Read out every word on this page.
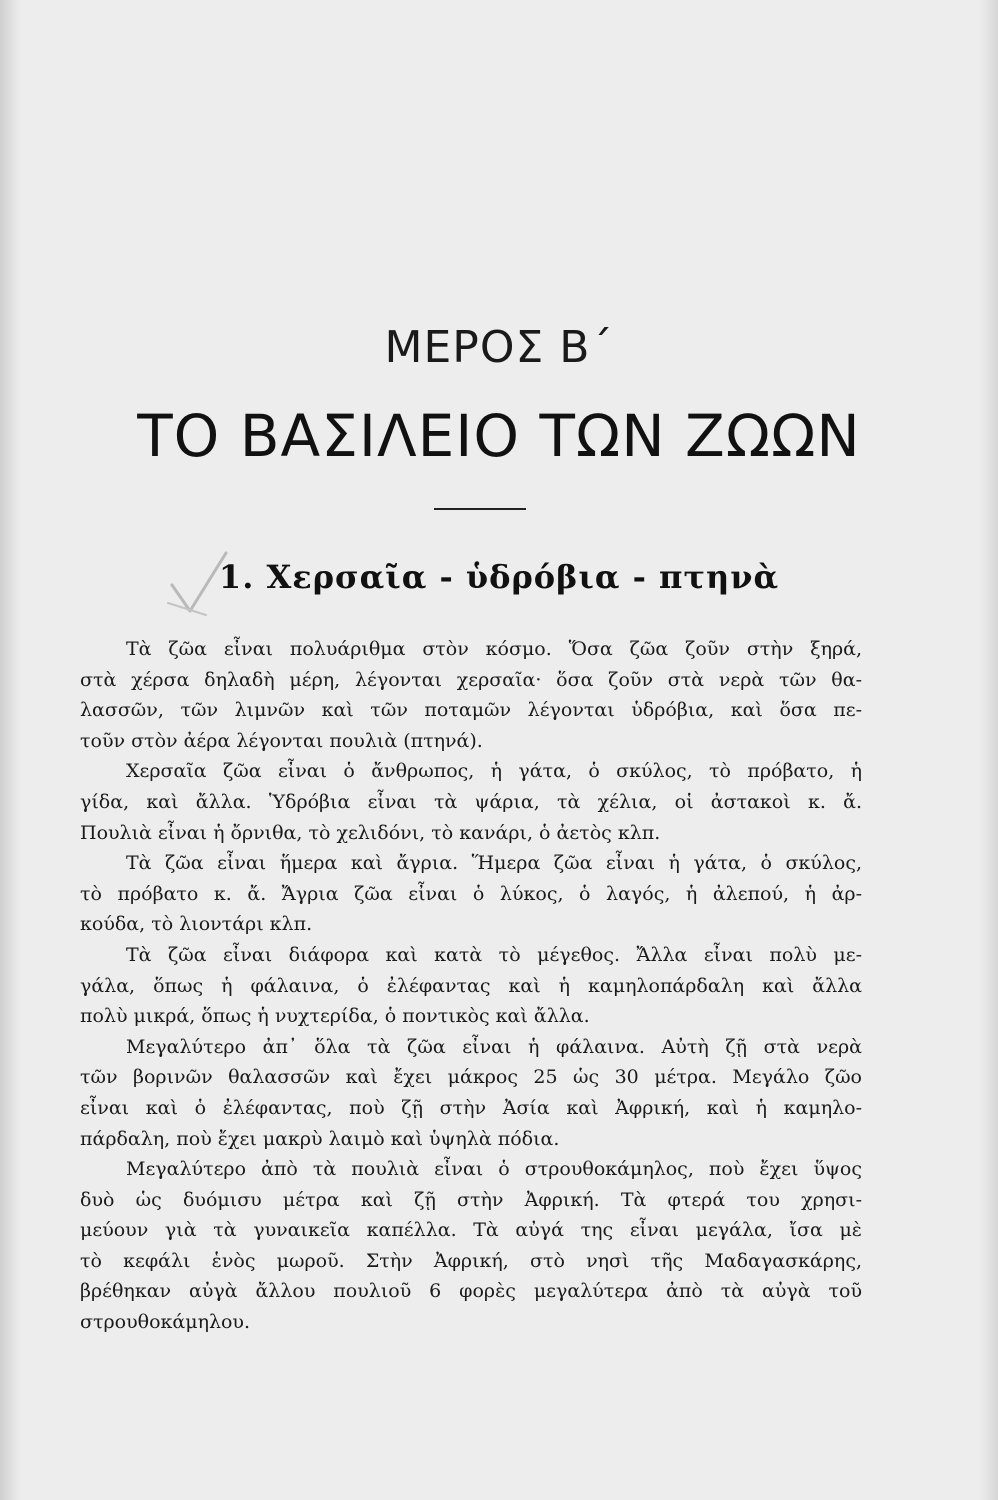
ΜΕΡΟΣ Β΄
ΤΟ ΒΑΣΙΛΕΙΟ ΤΩΝ ΖΩΩΝ
1. Χερσαῖα - ὑδρόβια - πτηνὰ
Τὰ ζῶα εἶναι πολυάριθμα στὸν κόσμο. Ὅσα ζῶα ζοῦν στὴν ξηρά,
στὰ χέρσα δηλαδὴ μέρη, λέγονται χερσαῖα· ὅσα ζοῦν στὰ νερὰ τῶν θα-
λασσῶν, τῶν λιμνῶν καὶ τῶν ποταμῶν λέγονται ὑδρόβια, καὶ ὅσα πε-
τοῦν στὸν ἀέρα λέγονται πουλιὰ (πτηνά).
Χερσαῖα ζῶα εἶναι ὁ ἄνθρωπος, ἡ γάτα, ὁ σκύλος, τὸ πρόβατο, ἡ
γίδα, καὶ ἄλλα. Ὑδρόβια εἶναι τὰ ψάρια, τὰ χέλια, οἱ ἀστακοὶ κ. ἄ.
Πουλιὰ εἶναι ἡ ὄρνιθα, τὸ χελιδόνι, τὸ κανάρι, ὁ ἀετὸς κλπ.
Τὰ ζῶα εἶναι ἥμερα καὶ ἄγρια. Ἥμερα ζῶα εἶναι ἡ γάτα, ὁ σκύλος,
τὸ πρόβατο κ. ἄ. Ἄγρια ζῶα εἶναι ὁ λύκος, ὁ λαγός, ἡ ἀλεπού, ἡ ἀρ-
κούδα, τὸ λιοντάρι κλπ.
Τὰ ζῶα εἶναι διάφορα καὶ κατὰ τὸ μέγεθος. Ἄλλα εἶναι πολὺ με-
γάλα, ὅπως ἡ φάλαινα, ὁ ἐλέφαντας καὶ ἡ καμηλοπάρδαλη καὶ ἄλλα
πολὺ μικρά, ὅπως ἡ νυχτερίδα, ὁ ποντικὸς καὶ ἄλλα.
Μεγαλύτερο ἀπ᾿ ὅλα τὰ ζῶα εἶναι ἡ φάλαινα. Αὐτὴ ζῇ στὰ νερὰ
τῶν βορινῶν θαλασσῶν καὶ ἔχει μάκρος 25 ὡς 30 μέτρα. Μεγάλο ζῶο
εἶναι καὶ ὁ ἐλέφαντας, ποὺ ζῇ στὴν Ἀσία καὶ Ἀφρική, καὶ ἡ καμηλο-
πάρδαλη, ποὺ ἔχει μακρὺ λαιμὸ καὶ ὑψηλὰ πόδια.
Μεγαλύτερο ἀπὸ τὰ πουλιὰ εἶναι ὁ στρουθοκάμηλος, ποὺ ἔχει ὕψος
δυὸ ὡς δυόμισυ μέτρα καὶ ζῇ στὴν Ἀφρική. Τὰ φτερά του χρησι-
μεύουν γιὰ τὰ γυναικεῖα καπέλλα. Τὰ αὐγά της εἶναι μεγάλα, ἴσα μὲ
τὸ κεφάλι ἑνὸς μωροῦ. Στὴν Ἀφρική, στὸ νησὶ τῆς Μαδαγασκάρης,
βρέθηκαν αὐγὰ ἄλλου πουλιοῦ 6 φορὲς μεγαλύτερα ἀπὸ τὰ αὐγὰ τοῦ
στρουθοκάμηλου.
